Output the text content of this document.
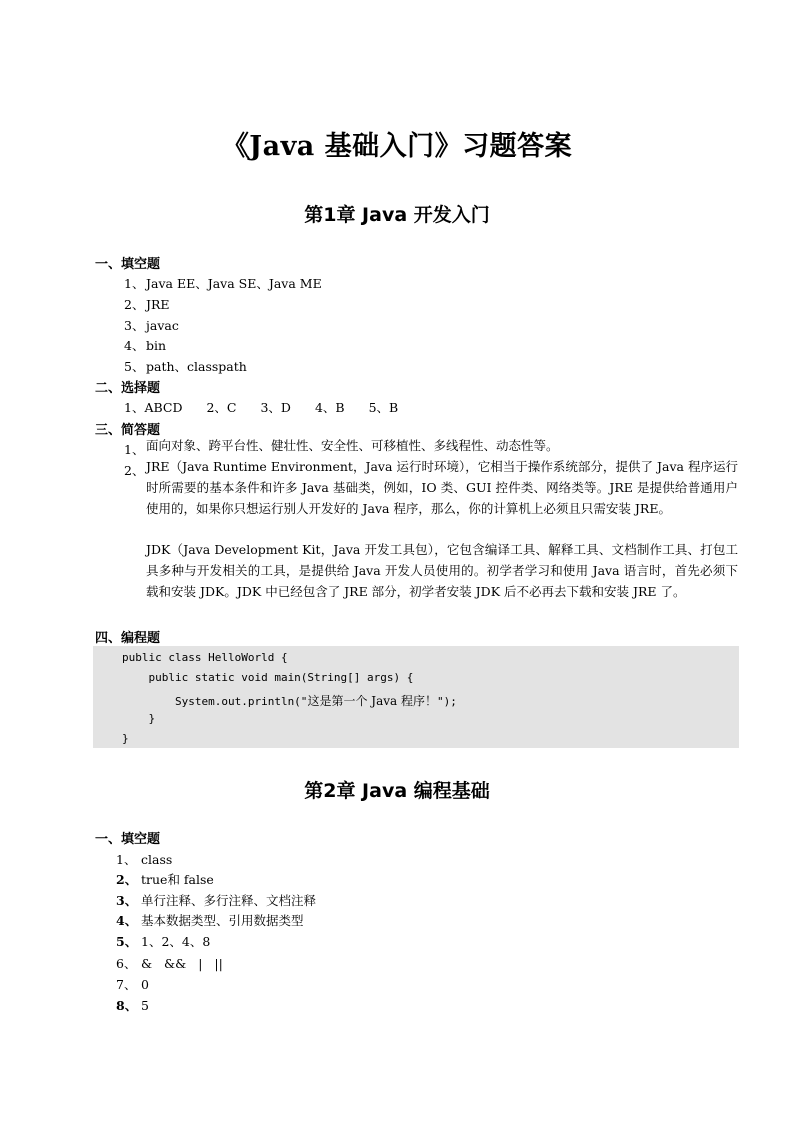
《Java 基础入门》习题答案
第1章 Java 开发入门
一、填空题
1、 Java EE、Java SE、Java ME
2、 JRE
3、 javac
4、 bin
5、 path、classpath
二、选择题
1、ABCD 2、C 3、D 4、B 5、B
三、简答题
1、 面向对象、跨平台性、健壮性、安全性、可移植性、多线程性、动态性等。
2、 JRE（Java Runtime Environment，Java 运行时环境），它相当于操作系统部分，提供了 Java 程序运行时所需要的基本条件和许多 Java 基础类，例如，IO 类、GUI 控件类、网络类等。JRE 是提供给普通用户使用的，如果你只想运行别人开发好的 Java 程序，那么，你的计算机上必须且只需安装 JRE。
JDK（Java Development Kit，Java 开发工具包），它包含编译工具、解释工具、文档制作工具、打包工具多种与开发相关的工具，是提供给 Java 开发人员使用的。初学者学习和使用 Java 语言时，首先必须下载和安装 JDK。JDK 中已经包含了 JRE 部分，初学者安装 JDK 后不必再去下载和安装 JRE 了。
四、编程题
public class HelloWorld {
public static void main(String[] args) {
System.out.println("这是第一个 Java 程序！");
}
}
第2章 Java 编程基础
一、填空题
1、 class
2、 true和 false
3、 单行注释、多行注释、文档注释
4、 基本数据类型、引用数据类型
5、 1、2、4、8
6、 &   &&   |   ||
7、 0
8、 5
